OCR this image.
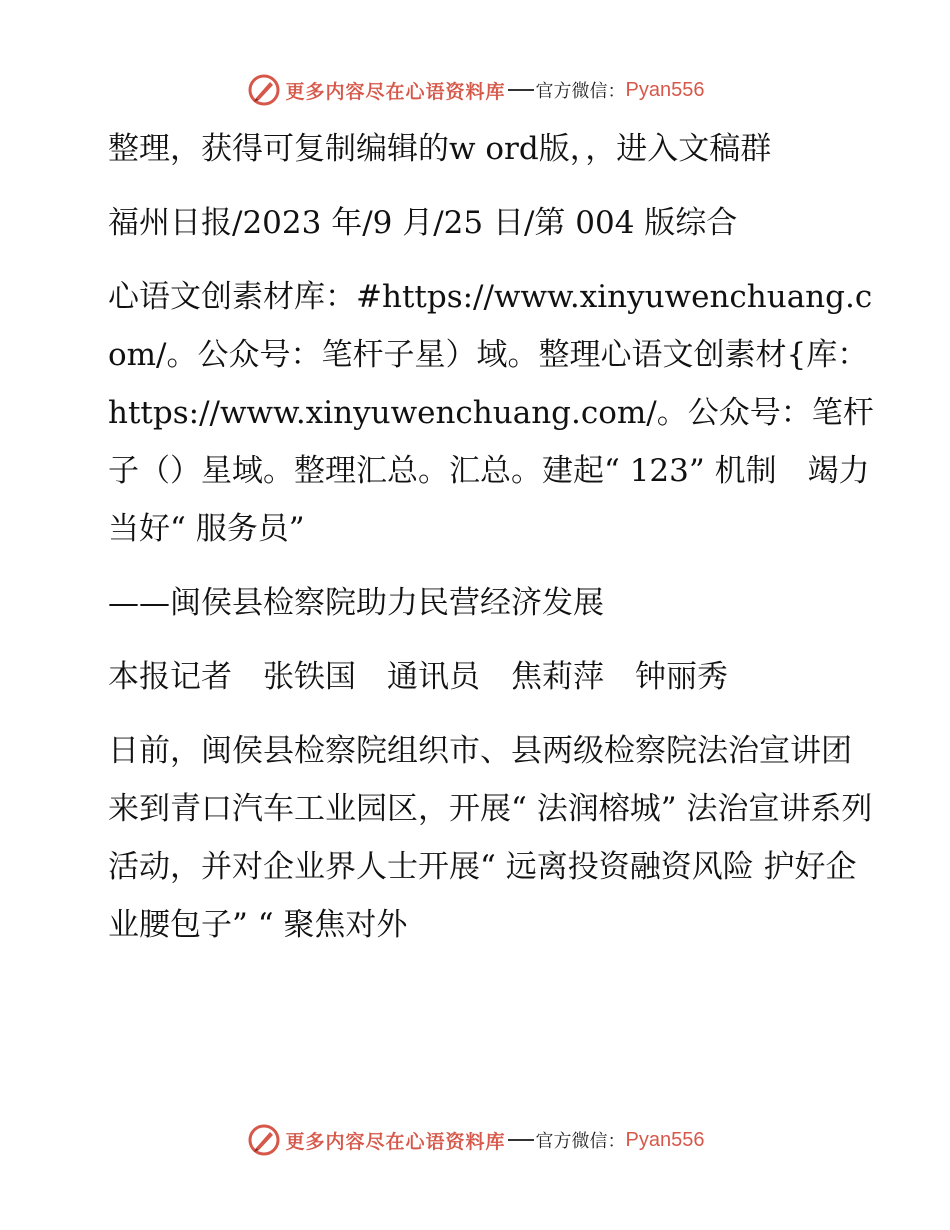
更多内容尽在心语资料库 官方微信： Pyan556

整理，获得可复制编辑的w ord版，，进入文稿群

福州日报/2023 年/9 月/25 日/第 004 版综合

心语文创素材库：#https://www.xinyuwenchuang.com/。公众号：笔杆子星）域。整理心语文创素材{库：https://www.xinyuwenchuang.com/。公众号：笔杆子（）星域。整理汇总。汇总。建起“ 123” 机制　竭力当好“ 服务员”

——闽侯县检察院助力民营经济发展

本报记者　张铁国　通讯员　焦莉萍　钟丽秀

日前，闽侯县检察院组织市、县两级检察院法治宣讲团来到青口汽车工业园区，开展“ 法润榕城” 法治宣讲系列活动，并对企业界人士开展“ 远离投资融资风险 护好企业腰包子” “ 聚焦对外

更多内容尽在心语资料库 官方微信： Pyan556
